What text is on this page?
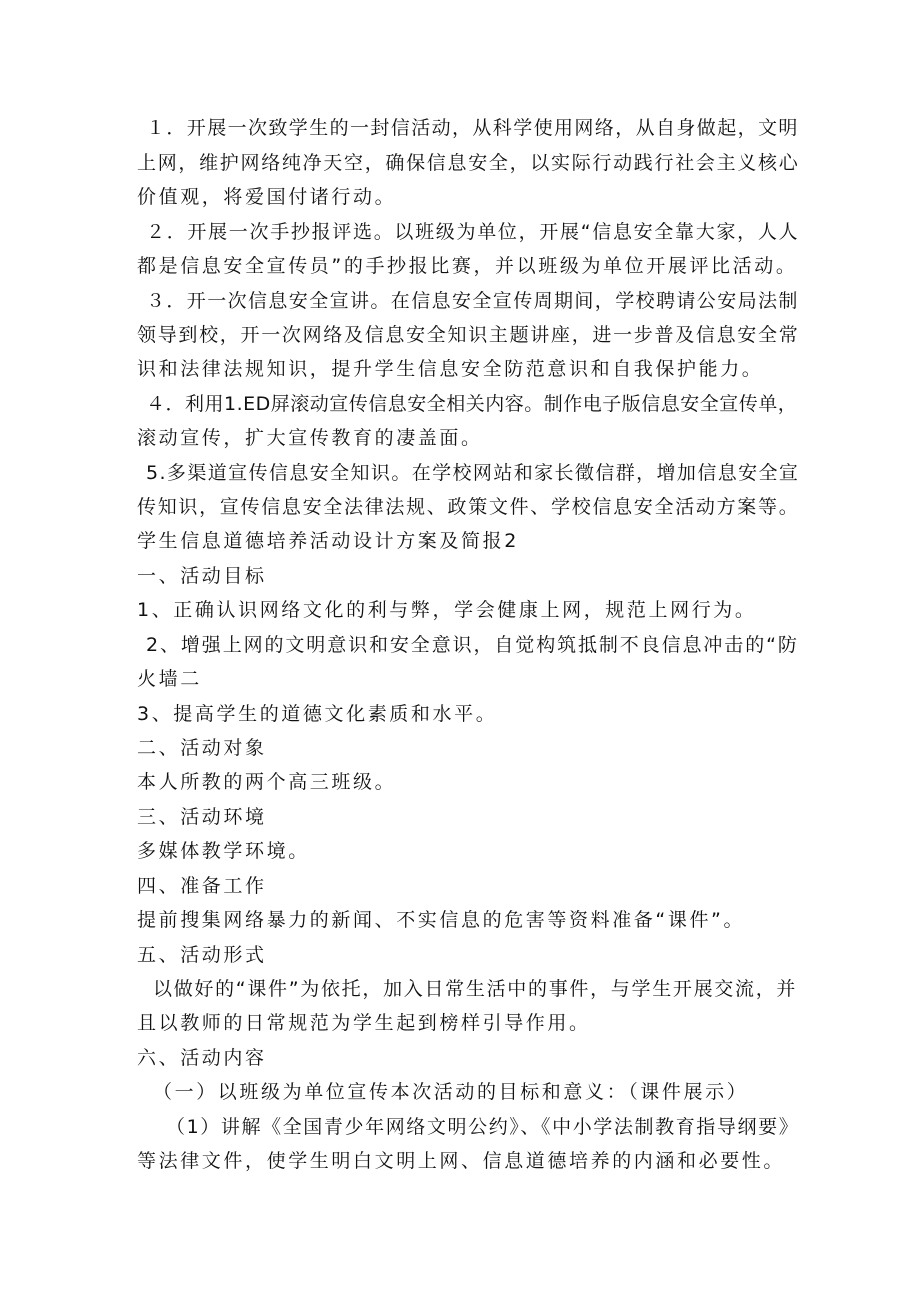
１．开展一次致学生的一封信活动，从科学使用网络，从自身做起，文明
上网，维护网络纯净天空，确保信息安全，以实际行动践行社会主义核心
价值观，将爱国付诸行动。
２．开展一次手抄报评选。以班级为单位，开展“信息安全靠大家，人人
都是信息安全宣传员”的手抄报比赛，并以班级为单位开展评比活动。
３．开一次信息安全宣讲。在信息安全宣传周期间，学校聘请公安局法制
领导到校，开一次网络及信息安全知识主题讲座，进一步普及信息安全常
识和法律法规知识，提升学生信息安全防范意识和自我保护能力。
４．利用1.ED屏滚动宣传信息安全相关内容。制作电子版信息安全宣传单，
滚动宣传，扩大宣传教育的凄盖面。
5.多渠道宣传信息安全知识。在学校网站和家长徵信群，增加信息安全宣
传知识，宣传信息安全法律法规、政策文件、学校信息安全活动方案等。
学生信息道德培养活动设计方案及简报2
一、活动目标
1、正确认识网络文化的利与弊，学会健康上网，规范上网行为。
2、增强上网的文明意识和安全意识，自觉构筑抵制不良信息冲击的“防
火墙二
3、提高学生的道德文化素质和水平。
二、活动对象
本人所教的两个高三班级。
三、活动环境
多媒体教学环境。
四、准备工作
提前搜集网络暴力的新闻、不实信息的危害等资料准备“课件”。
五、活动形式
以做好的“课件”为依托，加入日常生活中的事件，与学生开展交流，并
且以教师的日常规范为学生起到榜样引导作用。
六、活动内容
（一）以班级为单位宣传本次活动的目标和意义：（课件展示）
（1）讲解《全国青少年网络文明公约》、《中小学法制教育指导纲要》
等法律文件，使学生明白文明上网、信息道德培养的内涵和必要性。
